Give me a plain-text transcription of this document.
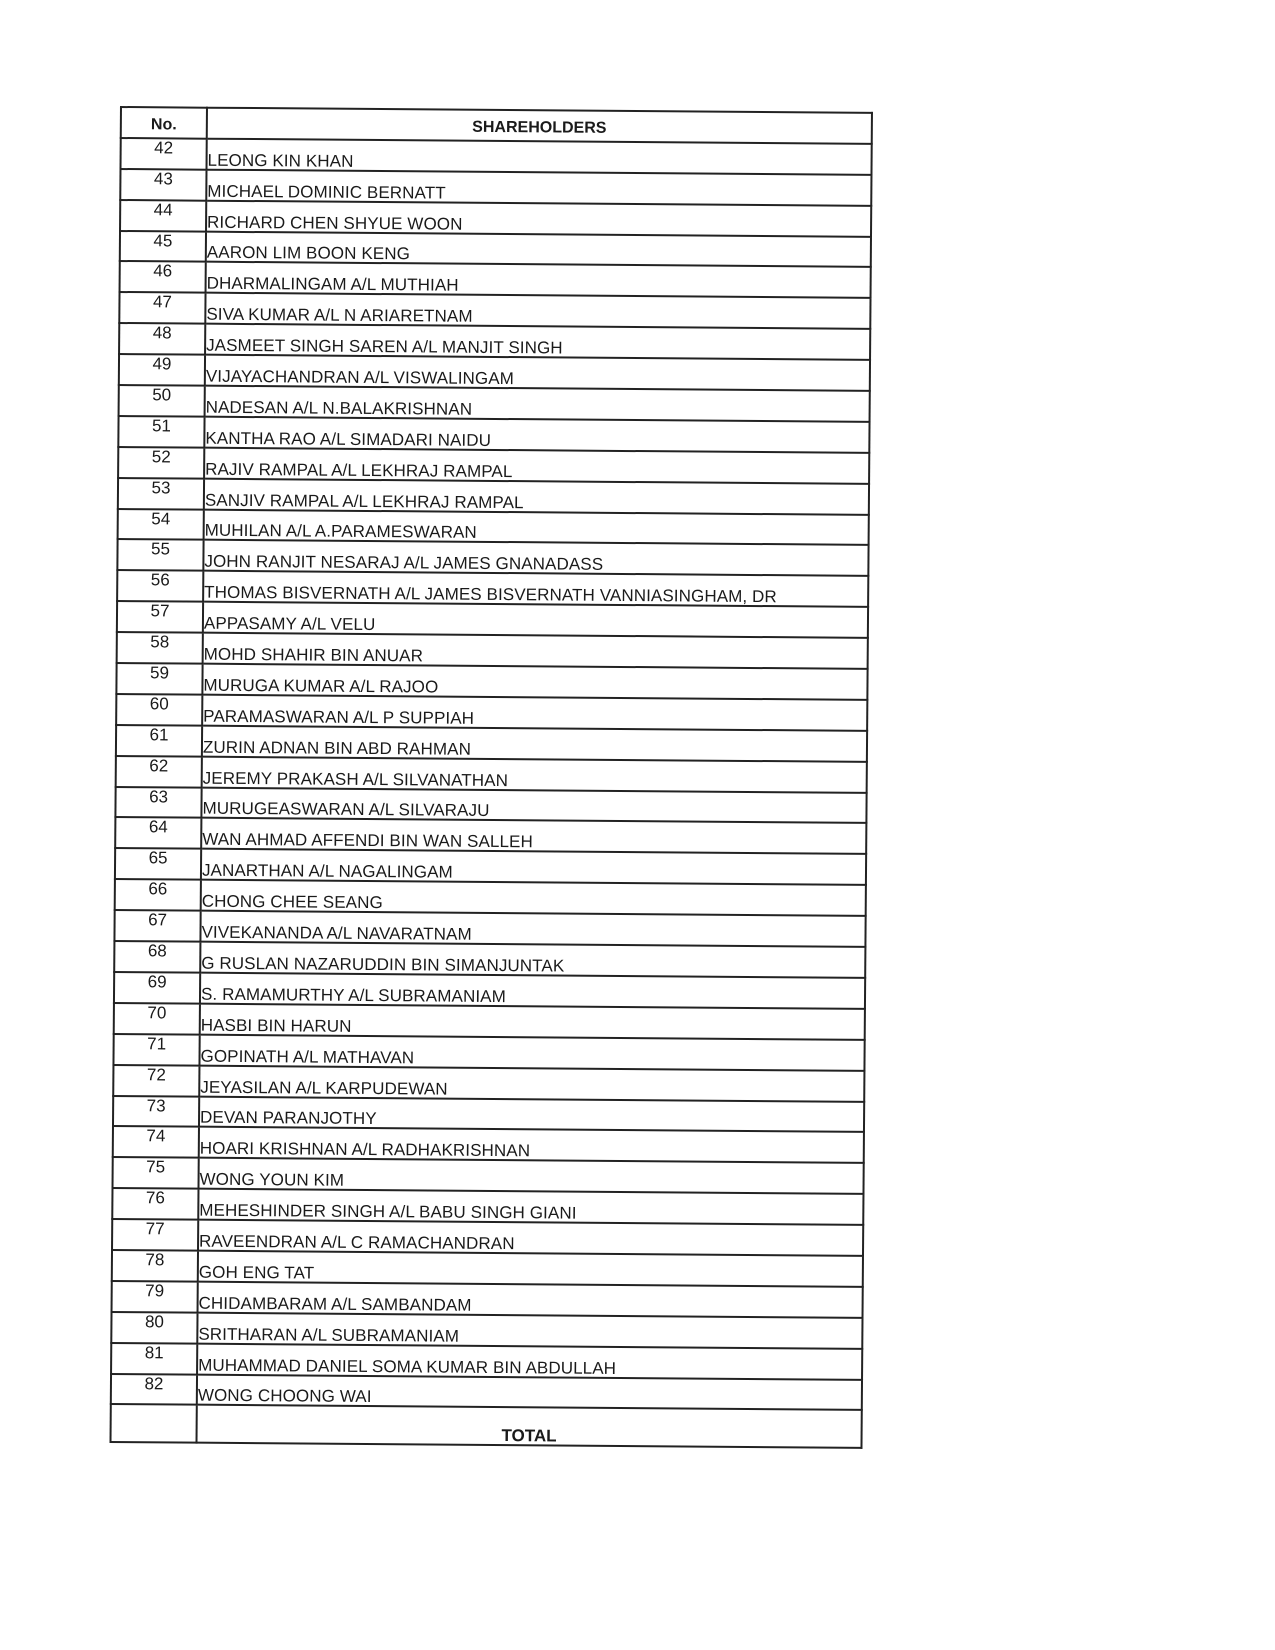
No.	SHAREHOLDERS
42	LEONG KIN KHAN
43	MICHAEL DOMINIC BERNATT
44	RICHARD CHEN SHYUE WOON
45	AARON LIM BOON KENG
46	DHARMALINGAM A/L MUTHIAH
47	SIVA KUMAR A/L N ARIARETNAM
48	JASMEET SINGH SAREN A/L MANJIT SINGH
49	VIJAYACHANDRAN A/L VISWALINGAM
50	NADESAN A/L N.BALAKRISHNAN
51	KANTHA RAO A/L SIMADARI NAIDU
52	RAJIV RAMPAL A/L LEKHRAJ RAMPAL
53	SANJIV RAMPAL A/L LEKHRAJ RAMPAL
54	MUHILAN A/L A.PARAMESWARAN
55	JOHN RANJIT NESARAJ A/L JAMES GNANADASS
56	THOMAS BISVERNATH A/L JAMES BISVERNATH VANNIASINGHAM, DR
57	APPASAMY A/L VELU
58	MOHD SHAHIR BIN ANUAR
59	MURUGA KUMAR A/L RAJOO
60	PARAMASWARAN A/L P SUPPIAH
61	ZURIN ADNAN BIN ABD RAHMAN
62	JEREMY PRAKASH A/L SILVANATHAN
63	MURUGEASWARAN A/L SILVARAJU
64	WAN AHMAD AFFENDI BIN WAN SALLEH
65	JANARTHAN A/L NAGALINGAM
66	CHONG CHEE SEANG
67	VIVEKANANDA A/L NAVARATNAM
68	G RUSLAN NAZARUDDIN BIN SIMANJUNTAK
69	S. RAMAMURTHY A/L SUBRAMANIAM
70	HASBI BIN HARUN
71	GOPINATH A/L MATHAVAN
72	JEYASILAN A/L KARPUDEWAN
73	DEVAN PARANJOTHY
74	HOARI KRISHNAN A/L RADHAKRISHNAN
75	WONG YOUN KIM
76	MEHESHINDER SINGH A/L BABU SINGH GIANI
77	RAVEENDRAN A/L C RAMACHANDRAN
78	GOH ENG TAT
79	CHIDAMBARAM A/L SAMBANDAM
80	SRITHARAN A/L SUBRAMANIAM
81	MUHAMMAD DANIEL SOMA KUMAR BIN ABDULLAH
82	WONG CHOONG WAI
	TOTAL
